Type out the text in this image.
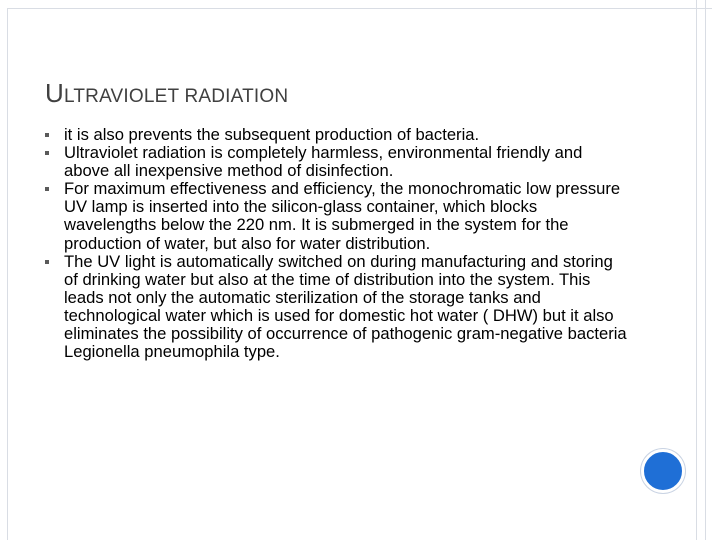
ULTRAVIOLET RADIATION
it is also prevents the subsequent production of bacteria.
Ultraviolet radiation is completely harmless, environmental friendly and above all inexpensive method of disinfection.
For maximum effectiveness and efficiency, the monochromatic low pressure UV lamp is inserted into the silicon-glass container, which blocks wavelengths below the 220 nm. It is submerged in the system for the production of water, but also for water distribution.
The UV light is automatically switched on during manufacturing and storing of drinking water but also at the time of distribution into the system. This leads not only the automatic sterilization of the storage tanks and technological water which is used for domestic hot water ( DHW) but it also eliminates the possibility of occurrence of pathogenic gram-negative bacteria Legionella pneumophila type.
